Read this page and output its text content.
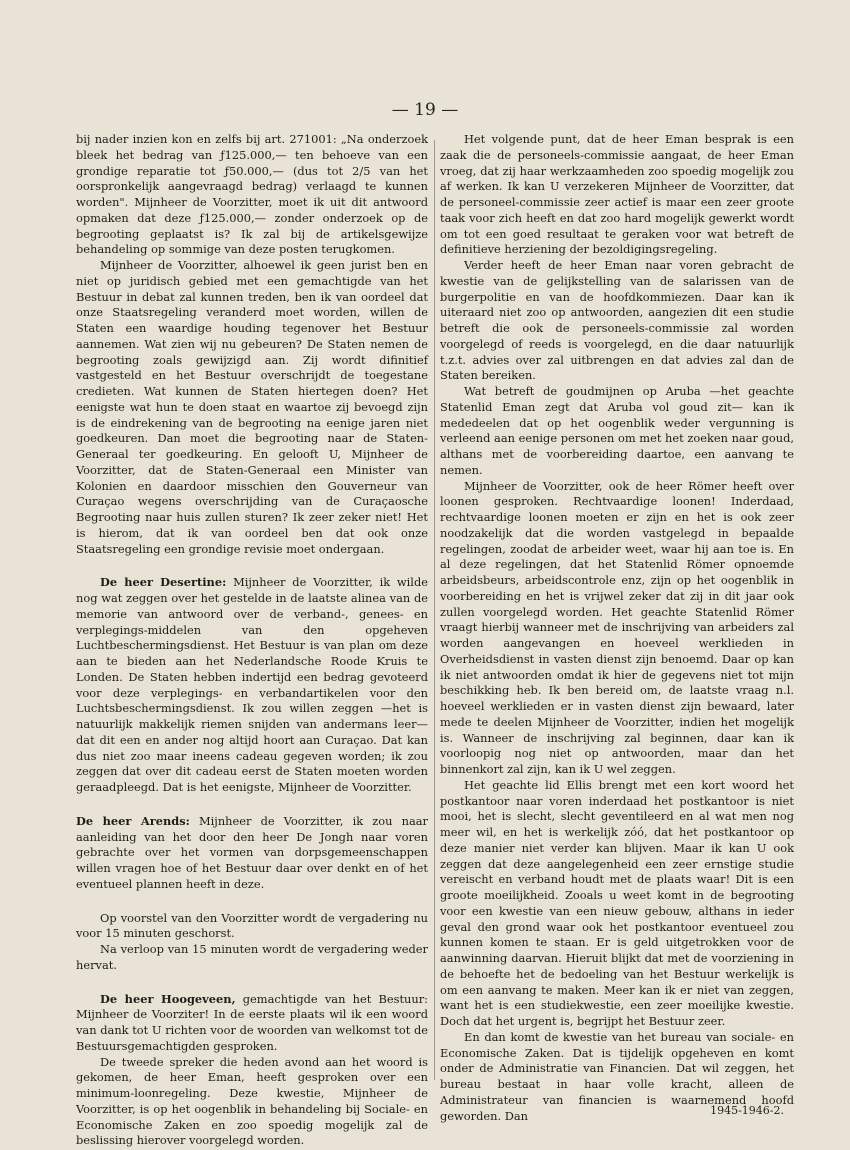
— 19 —

bij nader inzien kon en zelfs bij art. 271001: „Na onderzoek bleek het bedrag van ƒ125.000,— ten behoeve van een grondige reparatie tot ƒ50.000,— (dus tot 2/5 van het oorspronkelijk aangevraagd bedrag) verlaagd te kunnen worden". Mijnheer de Voorzitter, moet ik uit dit antwoord opmaken dat deze ƒ125.000,— zonder onderzoek op de begrooting geplaatst is? Ik zal bij de artikelsgewijze behandeling op sommige van deze posten terugkomen.

Mijnheer de Voorzitter, alhoewel ik geen jurist ben en niet op juridisch gebied met een gemachtigde van het Bestuur in debat zal kunnen treden, ben ik van oordeel dat onze Staatsregeling veranderd moet worden, willen de Staten een waardige houding tegenover het Bestuur aannemen. Wat zien wij nu gebeuren? De Staten nemen de begrooting zoals gewijzigd aan. Zij wordt difinitief vastgesteld en het Bestuur overschrijdt de toegestane credieten. Wat kunnen de Staten hiertegen doen? Het eenigste wat hun te doen staat en waartoe zij bevoegd zijn is de eindrekening van de begrooting na eenige jaren niet goedkeuren. Dan moet die begrooting naar de Staten-Generaal ter goedkeuring. En gelooft U, Mijnheer de Voorzitter, dat de Staten-Generaal een Minister van Kolonien en daardoor misschien den Gouverneur van Curaçao wegens overschrijding van de Curaçaosche Begrooting naar huis zullen sturen? Ik zeer zeker niet! Het is hierom, dat ik van oordeel ben dat ook onze Staatsregeling een grondige revisie moet ondergaan.

De heer Desertine: Mijnheer de Voorzitter, ik wilde nog wat zeggen over het gestelde in de laatste alinea van de memorie van antwoord over de verband-, genees- en verplegings-middelen van den opgeheven Luchtbeschermingsdienst. Het Bestuur is van plan om deze aan te bieden aan het Nederlandsche Roode Kruis te Londen. De Staten hebben indertijd een bedrag gevoteerd voor deze verplegings- en verbandartikelen voor den Luchtsbeschermingsdienst. Ik zou willen zeggen —het is natuurlijk makkelijk riemen snijden van andermans leer— dat dit een en ander nog altijd hoort aan Curaçao. Dat kan dus niet zoo maar ineens cadeau gegeven worden; ik zou zeggen dat over dit cadeau eerst de Staten moeten worden geraadpleegd. Dat is het eenigste, Mijnheer de Voorzitter.

De heer Arends: Mijnheer de Voorzitter, ik zou naar aanleiding van het door den heer De Jongh naar voren gebrachte over het vormen van dorpsgemeenschappen willen vragen hoe of het Bestuur daar over denkt en of het eventueel plannen heeft in deze.

Op voorstel van den Voorzitter wordt de vergadering nu voor 15 minuten geschorst.

Na verloop van 15 minuten wordt de vergadering weder hervat.

De heer Hoogeveen, gemachtigde van het Bestuur: Mijnheer de Voorziter! In de eerste plaats wil ik een woord van dank tot U richten voor de woorden van welkomst tot de Bestuursgemachtigden gesproken.

De tweede spreker die heden avond aan het woord is gekomen, de heer Eman, heeft gesproken over een minimum-loonregeling. Deze kwestie, Mijnheer de Voorzitter, is op het oogenblik in behandeling bij Sociale- en Economische Zaken en zoo spoedig mogelijk zal de beslissing hierover voorgelegd worden.

Het volgende punt, dat de heer Eman besprak is een zaak die de personeels-commissie aangaat, de heer Eman vroeg, dat zij haar werkzaamheden zoo spoedig mogelijk zou af werken. Ik kan U verzekeren Mijnheer de Voorzitter, dat de personeel-commissie zeer actief is maar een zeer groote taak voor zich heeft en dat zoo hard mogelijk gewerkt wordt om tot een goed resultaat te geraken voor wat betreft de definitieve herziening der bezoldigingsregeling.

Verder heeft de heer Eman naar voren gebracht de kwestie van de gelijkstelling van de salarissen van de burgerpolitie en van de hoofdkommiezen. Daar kan ik uiteraard niet zoo op antwoorden, aangezien dit een studie betreft die ook de personeels-commissie zal worden voorgelegd of reeds is voorgelegd, en die daar natuurlijk t.z.t. advies over zal uitbrengen en dat advies zal dan de Staten bereiken.

Wat betreft de goudmijnen op Aruba —het geachte Statenlid Eman zegt dat Aruba vol goud zit— kan ik mededeelen dat op het oogenblik weder vergunning is verleend aan eenige personen om met het zoeken naar goud, althans met de voorbereiding daartoe, een aanvang te nemen.

Mijnheer de Voorzitter, ook de heer Römer heeft over loonen gesproken. Rechtvaardige loonen! Inderdaad, rechtvaardige loonen moeten er zijn en het is ook zeer noodzakelijk dat die worden vastgelegd in bepaalde regelingen, zoodat de arbeider weet, waar hij aan toe is. En al deze regelingen, dat het Statenlid Römer opnoemde arbeidsbeurs, arbeidscontrole enz, zijn op het oogenblik in voorbereiding en het is vrijwel zeker dat zij in dit jaar ook zullen voorgelegd worden. Het geachte Statenlid Römer vraagt hierbij wanneer met de inschrijving van arbeiders zal worden aangevangen en hoeveel werklieden in Overheidsdienst in vasten dienst zijn benoemd. Daar op kan ik niet antwoorden omdat ik hier de gegevens niet tot mijn beschikking heb. Ik ben bereid om, de laatste vraag n.l. hoeveel werklieden er in vasten dienst zijn bewaard, later mede te deelen Mijnheer de Voorzitter, indien het mogelijk is. Wanneer de inschrijving zal beginnen, daar kan ik voorloopig nog niet op antwoorden, maar dan het binnenkort zal zijn, kan ik U wel zeggen.

Het geachte lid Ellis brengt met een kort woord het postkantoor naar voren inderdaad het postkantoor is niet mooi, het is slecht, slecht geventileerd en al wat men nog meer wil, en het is werkelijk zóó, dat het postkantoor op deze manier niet verder kan blijven. Maar ik kan U ook zeggen dat deze aangelegenheid een zeer ernstige studie vereischt en verband houdt met de plaats waar! Dit is een groote moeilijkheid. Zooals u weet komt in de begrooting voor een kwestie van een nieuw gebouw, althans in ieder geval den grond waar ook het postkantoor eventueel zou kunnen komen te staan. Er is geld uitgetrokken voor de aanwinning daarvan. Hieruit blijkt dat met de voorziening in de behoefte het de bedoeling van het Bestuur werkelijk is om een aanvang te maken. Meer kan ik er niet van zeggen, want het is een studiekwestie, een zeer moeilijke kwestie. Doch dat het urgent is, begrijpt het Bestuur zeer.

En dan komt de kwestie van het bureau van sociale- en Economische Zaken. Dat is tijdelijk opgeheven en komt onder de Administratie van Financien. Dat wil zeggen, het bureau bestaat in haar volle kracht, alleen de Administrateur van financien is waarnemend hoofd geworden. Dan	1945-1946-2.
